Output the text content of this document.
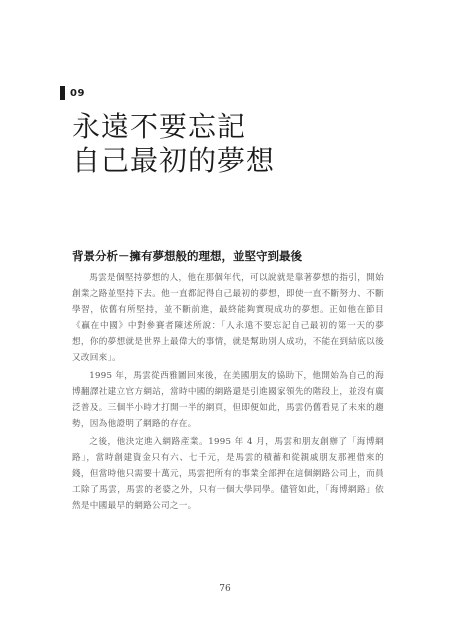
09
永遠不要忘記
自己最初的夢想
背景分析－擁有夢想般的理想，並堅守到最後

馬雲是個堅持夢想的人，他在那個年代，可以說就是靠著夢想的指引，開始創業之路並堅持下去。他一直都記得自己最初的夢想，即使一直不斷努力、不斷學習，依舊有所堅持，並不斷前進，最終能夠實現成功的夢想。正如他在節目《贏在中國》中對參賽者陳述所說：「人永遠不要忘記自己最初的第一天的夢想，你的夢想就是世界上最偉大的事情，就是幫助別人成功，不能在到結底以後又改回來」。

1995 年，馬雲從西雅圖回來後，在美國朋友的協助下，他開始為自己的海博翻譯社建立官方網站，當時中國的網路還是引進國家領先的階段上，並沒有廣泛普及。三個半小時才打開一半的網頁，但即便如此，馬雲仍舊看見了未來的趨勢，因為他證明了網路的存在。

之後，他決定進入網路產業。1995 年 4 月，馬雲和朋友創辦了「海博網路」，當時創建資金只有六、七千元，是馬雲的積蓄和從親戚朋友那裡借來的錢，但當時他只需要十萬元，馬雲把所有的事業全部押在這個網路公司上，而員工除了馬雲，馬雲的老婆之外，只有一個大學同學。儘管如此，「海博網路」依然是中國最早的網路公司之一。

76
